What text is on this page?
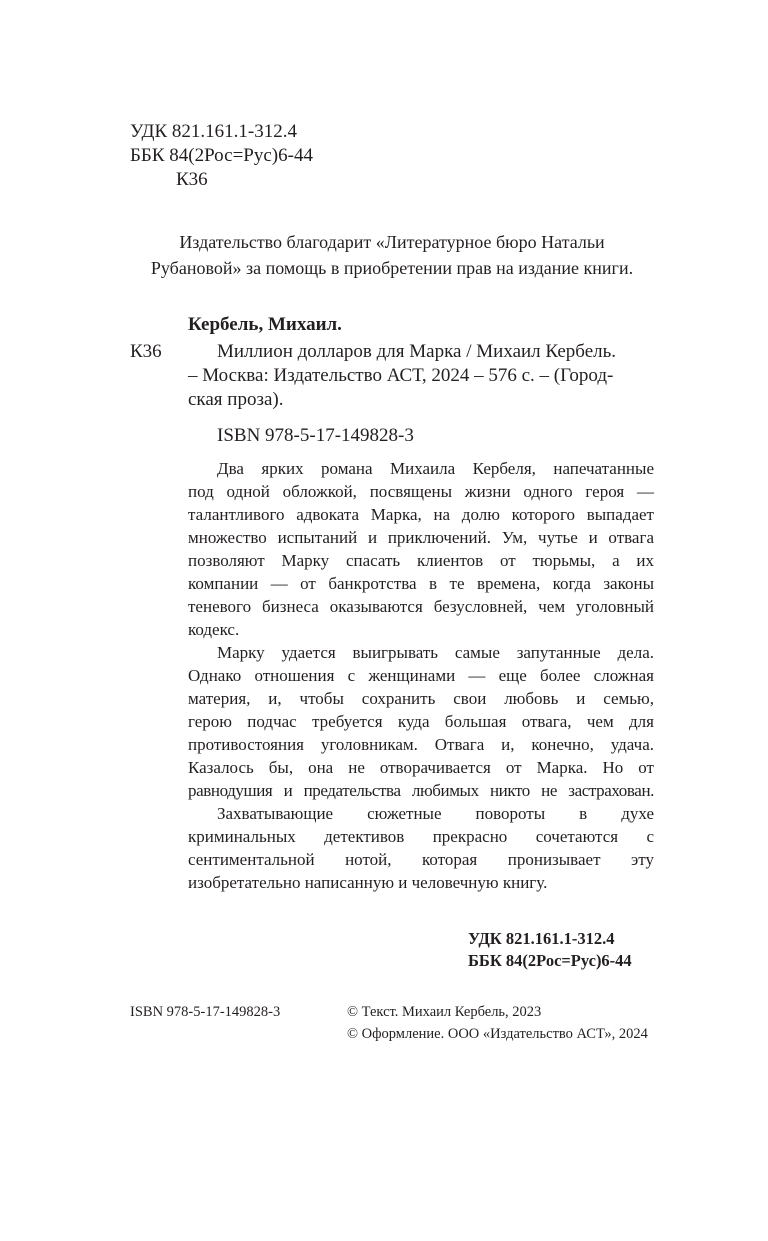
УДК 821.161.1-312.4
ББК 84(2Рос=Рус)6-44
К36
Издательство благодарит «Литературное бюро Натальи
Рубановой» за помощь в приобретении прав на издание книги.
Кербель, Михаил.
К36	Миллион долларов для Марка / Михаил Кербель.
– Москва: Издательство АСТ, 2024 – 576 с. – (Город-
ская проза).
ISBN 978-5-17-149828-3
Два ярких романа Михаила Кербеля, напечатанные
под одной обложкой, посвящены жизни одного героя —
талантливого адвоката Марка, на долю которого выпадает
множество испытаний и приключений. Ум, чутье и отвага
позволяют Марку спасать клиентов от тюрьмы, а их
компании — от банкротства в те времена, когда законы
теневого бизнеса оказываются безусловней, чем уголовный
кодекс.
Марку удается выигрывать самые запутанные дела.
Однако отношения с женщинами — еще более сложная
материя, и, чтобы сохранить свои любовь и семью,
герою подчас требуется куда большая отвага, чем для
противостояния уголовникам. Отвага и, конечно, удача.
Казалось бы, она не отворачивается от Марка. Но от
равнодушия и предательства любимых никто не застрахован.
Захватывающие сюжетные повороты в духе
криминальных детективов прекрасно сочетаются с
сентиментальной нотой, которая пронизывает эту
изобретательно написанную и человечную книгу.
УДК 821.161.1-312.4
ББК 84(2Рос=Рус)6-44
ISBN 978-5-17-149828-3	© Текст. Михаил Кербель, 2023
© Оформление. ООО «Издательство АСТ», 2024
